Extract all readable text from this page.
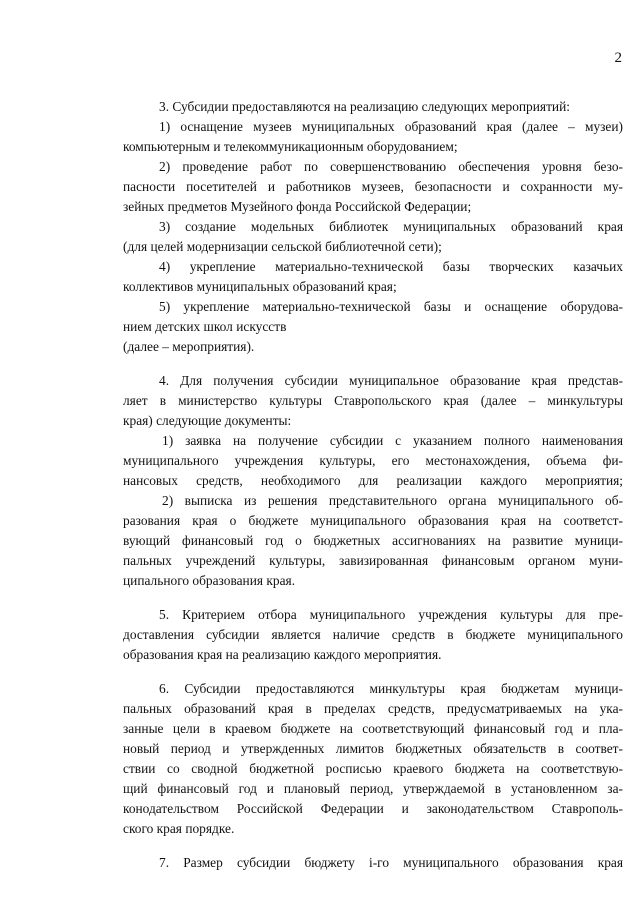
2
3. Субсидии предоставляются на реализацию следующих мероприятий:
1) оснащение музеев муниципальных образований края (далее – музеи)
компьютерным и телекоммуникационным оборудованием;
2) проведение работ по совершенствованию обеспечения уровня безо-
пасности посетителей и работников музеев, безопасности и сохранности му-
зейных предметов Музейного фонда Российской Федерации;
3) создание модельных библиотек муниципальных образований края
(для целей модернизации сельской библиотечной сети);
4) укрепление материально-технической базы творческих казачьих
коллективов муниципальных образований края;
5) укрепление материально-технической базы и оснащение оборудова-
нием детских школ искусств
(далее – мероприятия).
4. Для получения субсидии муниципальное образование края представ-
ляет в министерство культуры Ставропольского края (далее – минкультуры
края) следующие документы:
1) заявка на получение субсидии с указанием полного наименования
муниципального учреждения культуры, его местонахождения, объема фи-
нансовых средств, необходимого для реализации каждого мероприятия;
2) выписка из решения представительного органа муниципального об-
разования края о бюджете муниципального образования края на соответст-
вующий финансовый год о бюджетных ассигнованиях на развитие муници-
пальных учреждений культуры, завизированная финансовым органом муни-
ципального образования края.
5. Критерием отбора муниципального учреждения культуры для пре-
доставления субсидии является наличие средств в бюджете муниципального
образования края на реализацию каждого мероприятия.
6. Субсидии предоставляются минкультуры края бюджетам муници-
пальных образований края в пределах средств, предусматриваемых на ука-
занные цели в краевом бюджете на соответствующий финансовый год и пла-
новый период и утвержденных лимитов бюджетных обязательств в соответ-
ствии со сводной бюджетной росписью краевого бюджета на соответствую-
щий финансовый год и плановый период, утверждаемой в установленном за-
конодательством Российской Федерации и законодательством Ставрополь-
ского края порядке.
7. Размер субсидии бюджету i-го муниципального образования края
